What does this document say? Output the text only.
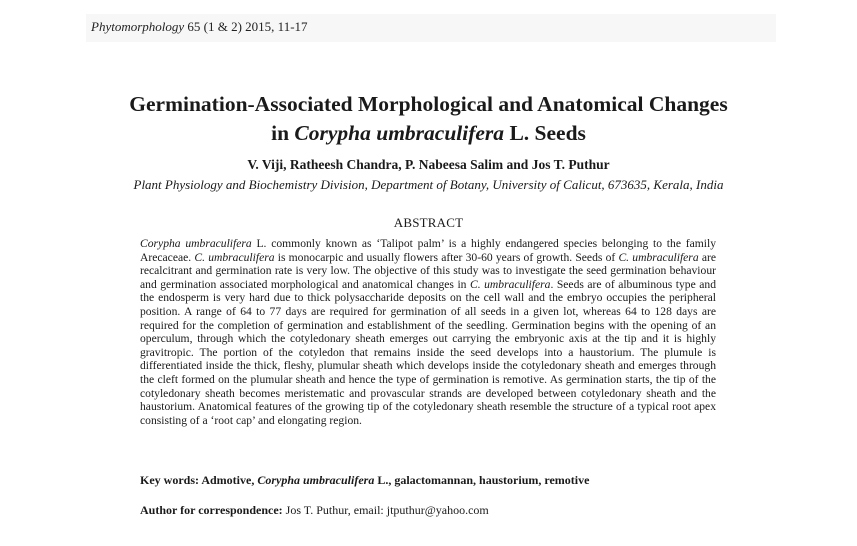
Phytomorphology 65 (1 & 2) 2015, 11-17
Germination-Associated Morphological and Anatomical Changes
in Corypha umbraculifera L. Seeds
V. Viji, Ratheesh Chandra, P. Nabeesa Salim and Jos T. Puthur
Plant Physiology and Biochemistry Division, Department of Botany, University of Calicut, 673635, Kerala, India
ABSTRACT
Corypha umbraculifera L. commonly known as ‘Talipot palm’ is a highly endangered species belonging to the family Arecaceae. C. umbraculifera is monocarpic and usually flowers after 30-60 years of growth. Seeds of C. umbraculifera are recalcitrant and germination rate is very low. The objective of this study was to investigate the seed germination behaviour and germination associated morphological and anatomical changes in C. umbraculifera. Seeds are of albuminous type and the endosperm is very hard due to thick polysaccharide deposits on the cell wall and the embryo occupies the peripheral position. A range of 64 to 77 days are required for germination of all seeds in a given lot, whereas 64 to 128 days are required for the completion of germination and establishment of the seedling. Germination begins with the opening of an operculum, through which the cotyledonary sheath emerges out carrying the embryonic axis at the tip and it is highly gravitropic. The portion of the cotyledon that remains inside the seed develops into a haustorium. The plumule is differentiated inside the thick, fleshy, plumular sheath which develops inside the cotyledonary sheath and emerges through the cleft formed on the plumular sheath and hence the type of germination is remotive. As germination starts, the tip of the cotyledonary sheath becomes meristematic and provascular strands are developed between cotyledonary sheath and the haustorium. Anatomical features of the growing tip of the cotyledonary sheath resemble the structure of a typical root apex consisting of a ‘root cap’ and elongating region.
Key words: Admotive, Corypha umbraculifera L., galactomannan, haustorium, remotive
Author for correspondence: Jos T. Puthur, email: jtputhur@yahoo.com
